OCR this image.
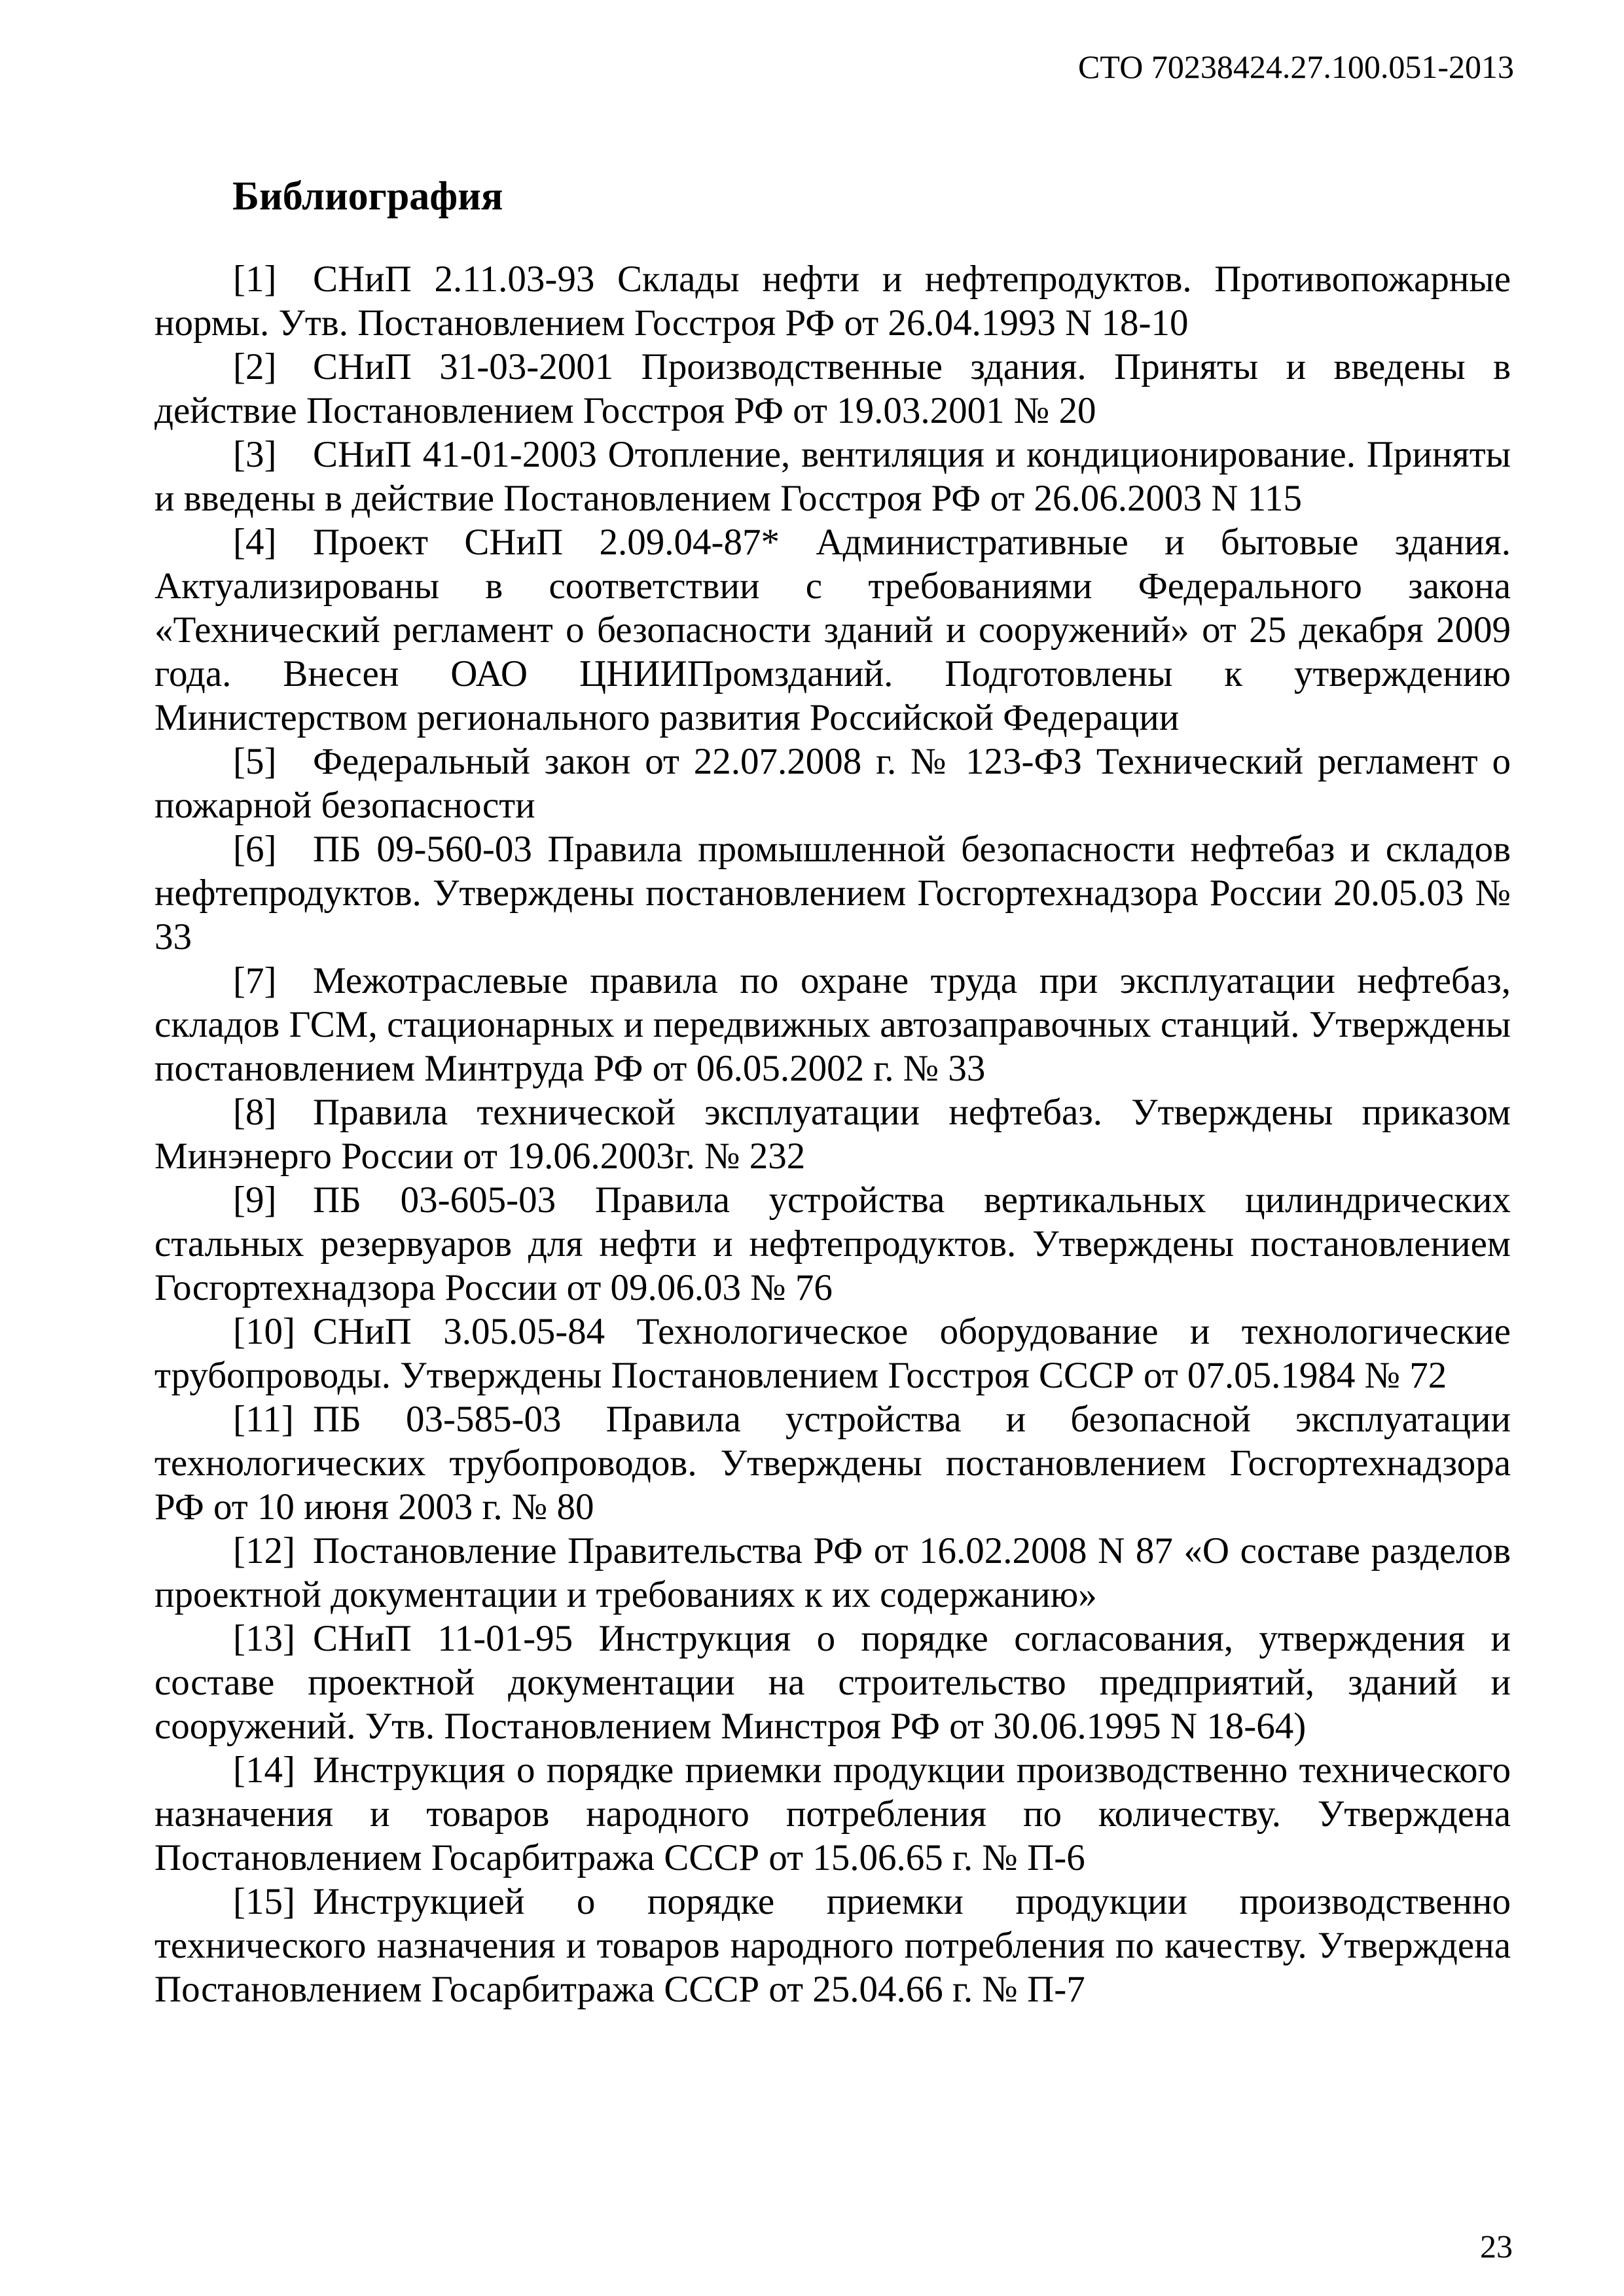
СТО 70238424.27.100.051-2013
Библиография
[1] СНиП 2.11.03-93 Склады нефти и нефтепродуктов. Противопожарные нормы. Утв. Постановлением Госстроя РФ от 26.04.1993 N 18-10
[2] СНиП 31-03-2001 Производственные здания. Приняты и введены в действие Постановлением Госстроя РФ от 19.03.2001 № 20
[3] СНиП 41-01-2003 Отопление, вентиляция и кондиционирование. Приняты и введены в действие Постановлением Госстроя РФ от 26.06.2003 N 115
[4] Проект СНиП 2.09.04-87* Административные и бытовые здания. Актуализированы в соответствии с требованиями Федерального закона «Технический регламент о безопасности зданий и сооружений» от 25 декабря 2009 года. Внесен ОАО ЦНИИПромзданий. Подготовлены к утверждению Министерством регионального развития Российской Федерации
[5] Федеральный закон от 22.07.2008 г. № 123-ФЗ Технический регламент о пожарной безопасности
[6] ПБ 09-560-03 Правила промышленной безопасности нефтебаз и складов нефтепродуктов. Утверждены постановлением Госгортехнадзора России 20.05.03 № 33
[7] Межотраслевые правила по охране труда при эксплуатации нефтебаз, складов ГСМ, стационарных и передвижных автозаправочных станций. Утверждены постановлением Минтруда РФ от 06.05.2002 г. № 33
[8] Правила технической эксплуатации нефтебаз. Утверждены приказом Минэнерго России от 19.06.2003г. № 232
[9] ПБ 03-605-03 Правила устройства вертикальных цилиндрических стальных резервуаров для нефти и нефтепродуктов. Утверждены постановлением Госгортехнадзора России от 09.06.03 № 76
[10] СНиП 3.05.05-84 Технологическое оборудование и технологические трубопроводы. Утверждены Постановлением Госстроя СССР от 07.05.1984 № 72
[11] ПБ 03-585-03 Правила устройства и безопасной эксплуатации технологических трубопроводов. Утверждены постановлением Госгортехнадзора РФ от 10 июня 2003 г. № 80
[12] Постановление Правительства РФ от 16.02.2008 N 87 «О составе разделов проектной документации и требованиях к их содержанию»
[13] СНиП 11-01-95 Инструкция о порядке согласования, утверждения и составе проектной документации на строительство предприятий, зданий и сооружений. Утв. Постановлением Минстроя РФ от 30.06.1995 N 18-64)
[14] Инструкция о порядке приемки продукции производственно технического назначения и товаров народного потребления по количеству. Утверждена Постановлением Госарбитража СССР от 15.06.65 г. № П-6
[15] Инструкцией о порядке приемки продукции производственно технического назначения и товаров народного потребления по качеству. Утверждена Постановлением Госарбитража СССР от 25.04.66 г. № П-7
23
